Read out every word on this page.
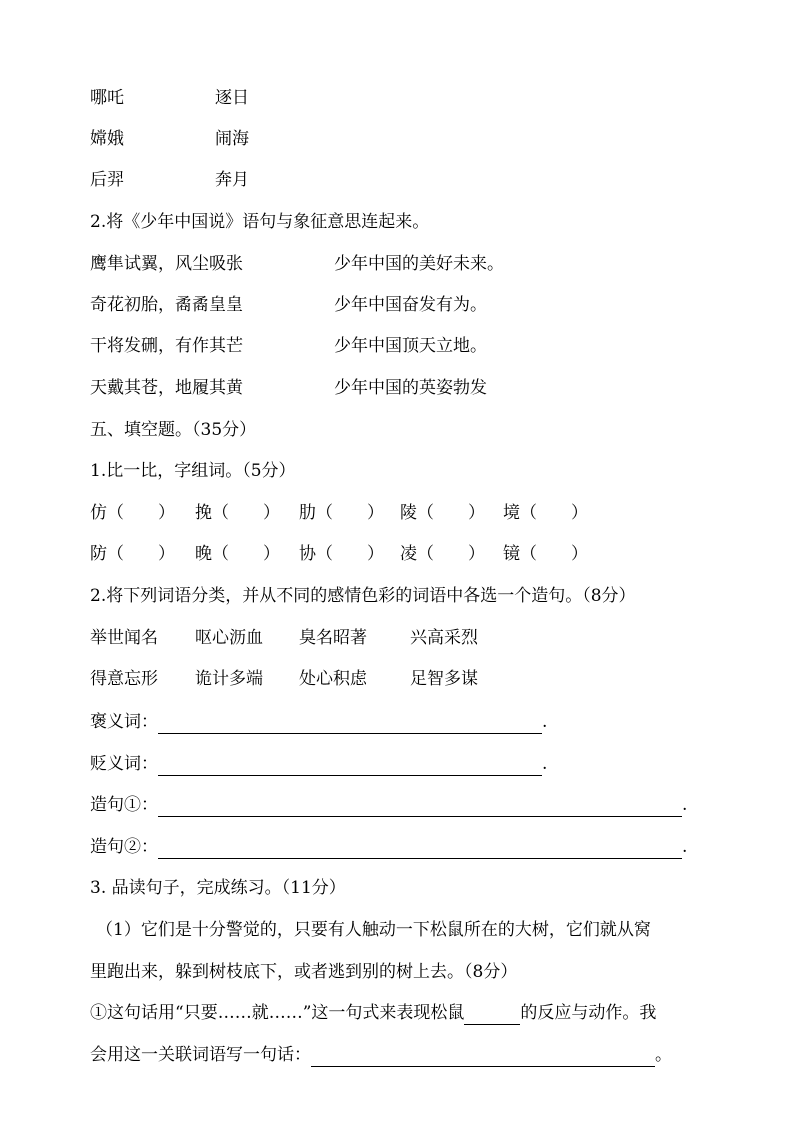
哪吒	逐日
嫦娥	闹海
后羿	奔月
2.将《少年中国说》语句与象征意思连起来。
鹰隼试翼，风尘吸张	少年中国的美好未来。
奇花初胎，矞矞皇皇	少年中国奋发有为。
干将发硎，有作其芒	少年中国顶天立地。
天戴其苍，地履其黄	少年中国的英姿勃发
五、填空题。（35分）
1.比一比，字组词。（5分）
仿（　　） 挽（　　） 肋（　　） 陵（　　） 境（　　）
防（　　） 晚（　　） 协（　　） 凌（　　） 镜（　　）
2.将下列词语分类，并从不同的感情色彩的词语中各选一个造句。（8分）
举世闻名 呕心沥血 臭名昭著	兴高采烈
得意忘形 诡计多端 处心积虑	足智多谋
褒义词：	.
贬义词：	.
造句①：	.
造句②：	.
3. 品读句子，完成练习。（11分）
（1）它们是十分警觉的，只要有人触动一下松鼠所在的大树，它们就从窝
里跑出来，躲到树枝底下，或者逃到别的树上去。（8分）
①这句话用“只要……就……”这一句式来表现松鼠	的反应与动作。我
会用这一关联词语写一句话：	。
